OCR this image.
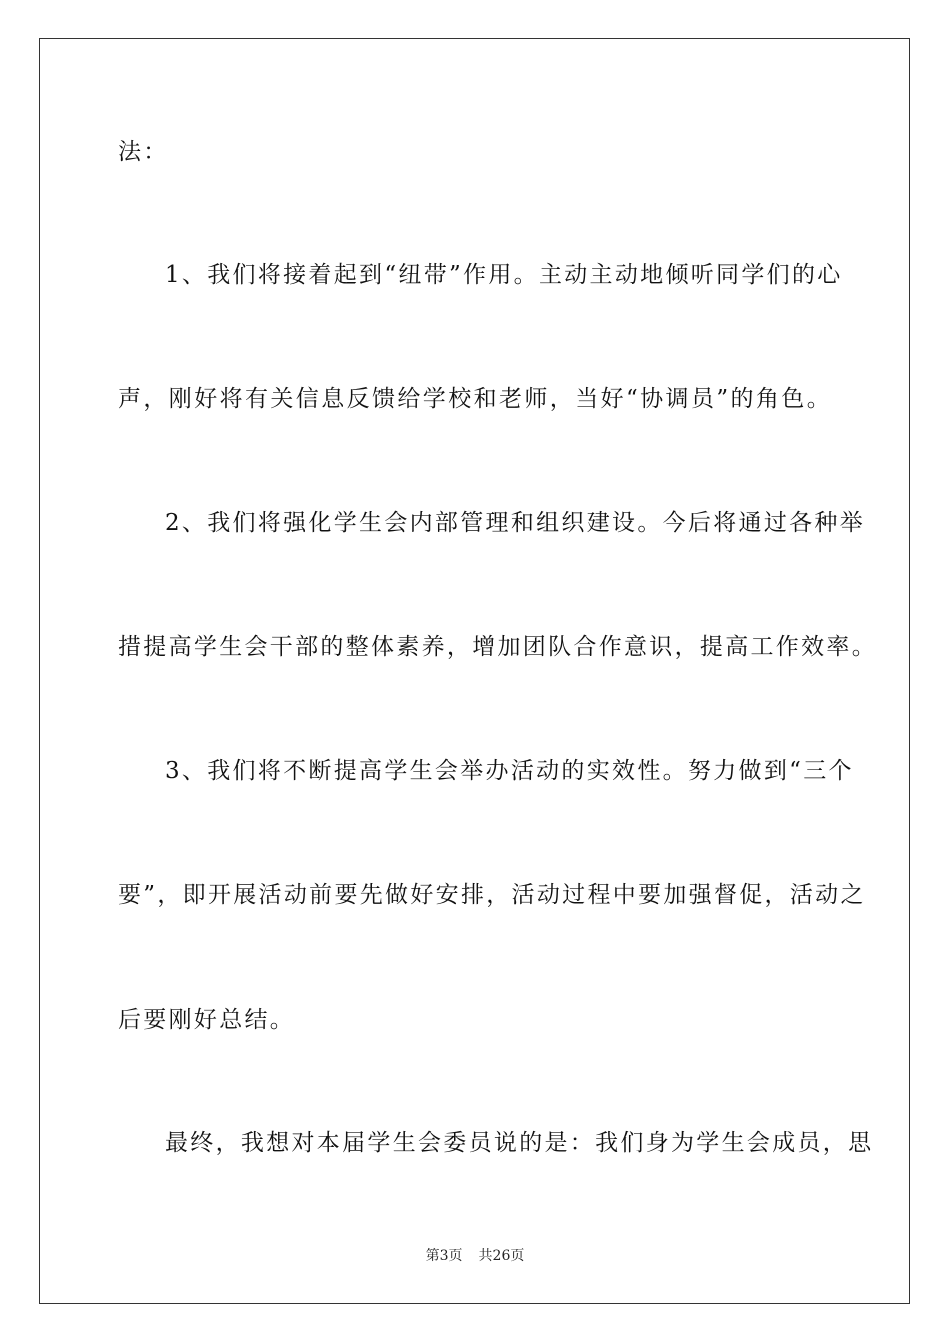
法：
1、我们将接着起到“纽带”作用。主动主动地倾听同学们的心
声，刚好将有关信息反馈给学校和老师，当好“协调员”的角色。
2、我们将强化学生会内部管理和组织建设。今后将通过各种举
措提高学生会干部的整体素养，增加团队合作意识，提高工作效率。
3、我们将不断提高学生会举办活动的实效性。努力做到“三个
要”，即开展活动前要先做好安排，活动过程中要加强督促，活动之
后要刚好总结。
最终，我想对本届学生会委员说的是：我们身为学生会成员，思
第3页 共26页
